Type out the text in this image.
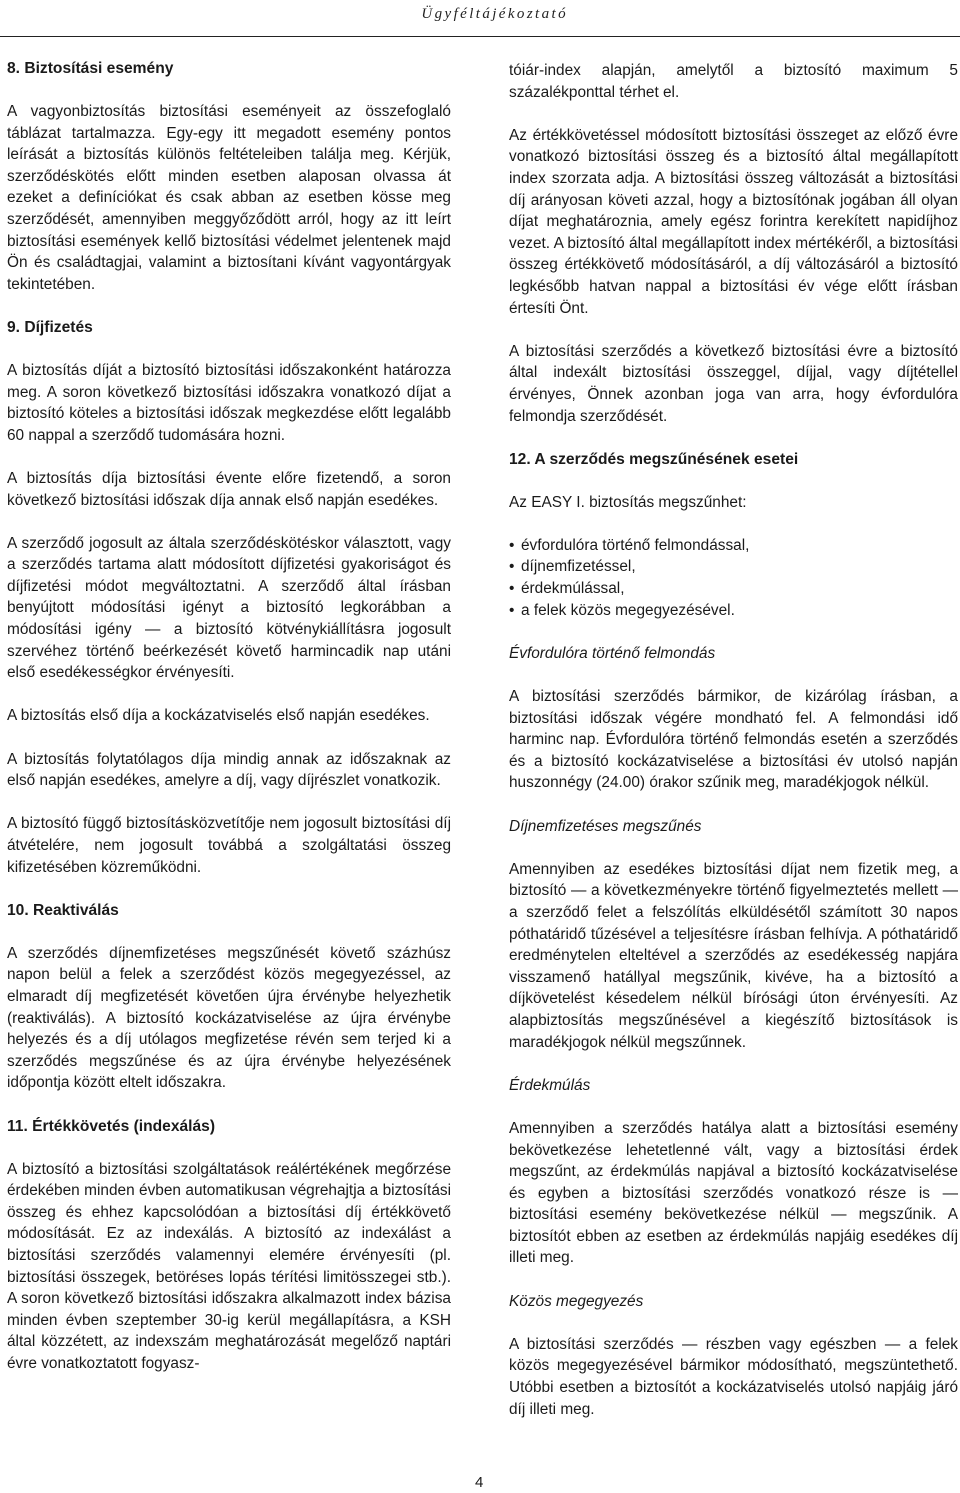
Ügyféltájékoztató
8. Biztosítási esemény

A vagyonbiztosítás biztosítási eseményeit az összefoglaló táblázat tartalmazza. Egy-egy itt megadott esemény pontos leírását a biztosítás különös feltételeiben találja meg. Kérjük, szerződéskötés előtt minden esetben alaposan olvassa át ezeket a definíciókat és csak abban az esetben kösse meg szerződését, amennyiben meggyőződött arról, hogy az itt leírt biztosítási események kellő biztosítási védelmet jelentenek majd Ön és családtagjai, valamint a biztosítani kívánt vagyontárgyak tekintetében.

9. Díjfizetés

A biztosítás díját a biztosító biztosítási időszakonként határozza meg. A soron következő biztosítási időszakra vonatkozó díjat a biztosító köteles a biztosítási időszak megkezdése előtt legalább 60 nappal a szerződő tudomására hozni.

A biztosítás díja biztosítási évente előre fizetendő, a soron következő biztosítási időszak díja annak első napján esedékes.

A szerződő jogosult az általa szerződéskötéskor választott, vagy a szerződés tartama alatt módosított díjfizetési gyakoriságot és díjfizetési módot megváltoztatni. A szerződő által írásban benyújtott módosítási igényt a biztosító legkorábban a módosítási igény — a biztosító kötvénykiállításra jogosult szervéhez történő beérkezését követő harmincadik nap utáni első esedékességkor érvényesíti.

A biztosítás első díja a kockázatviselés első napján esedékes.

A biztosítás folytatólagos díja mindig annak az időszaknak az első napján esedékes, amelyre a díj, vagy díjrészlet vonatkozik.

A biztosító függő biztosításközvetítője nem jogosult biztosítási díj átvételére, nem jogosult továbbá a szolgáltatási összeg kifizetésében közreműködni.

10. Reaktiválás

A szerződés díjnemfizetéses megszűnését követő százhúsz napon belül a felek a szerződést közös megegyezéssel, az elmaradt díj megfizetését követően újra érvénybe helyezhetik (reaktiválás). A biztosító kockázatviselése az újra érvénybe helyezés és a díj utólagos megfizetése révén sem terjed ki a szerződés megszűnése és az újra érvénybe helyezésének időpontja között eltelt időszakra.

11. Értékkövetés (indexálás)

A biztosító a biztosítási szolgáltatások reálértékének megőrzése érdekében minden évben automatikusan végrehajtja a biztosítási összeg és ehhez kapcsolódóan a biztosítási díj értékkövető módosítását. Ez az indexálás. A biztosító az indexálást a biztosítási szerződés valamennyi elemére érvényesíti (pl. biztosítási összegek, betöréses lopás térítési limitösszegei stb.). A soron következő biztosítási időszakra alkalmazott index bázisa minden évben szeptember 30-ig kerül megállapításra, a KSH által közzétett, az indexszám meghatározását megelőző naptári évre vonatkoztatott fogyasz-

tóiár-index alapján, amelytől a biztosító maximum 5 százalékponttal térhet el.

Az értékkövetéssel módosított biztosítási összeget az előző évre vonatkozó biztosítási összeg és a biztosító által megállapított index szorzata adja. A biztosítási összeg változását a biztosítási díj arányosan követi azzal, hogy a biztosítónak jogában áll olyan díjat meghatároznia, amely egész forintra kerekített napidíjhoz vezet. A biztosító által megállapított index mértékéről, a biztosítási összeg értékkövető módosításáról, a díj változásáról a biztosító legkésőbb hatvan nappal a biztosítási év vége előtt írásban értesíti Önt.

A biztosítási szerződés a következő biztosítási évre a biztosító által indexált biztosítási összeggel, díjjal, vagy díjtétellel érvényes, Önnek azonban joga van arra, hogy évfordulóra felmondja szerződését.

12. A szerződés megszűnésének esetei

Az EASY I. biztosítás megszűnhet:

• évfordulóra történő felmondással,
• díjnemfizetéssel,
• érdekmúlással,
• a felek közös megegyezésével.

Évfordulóra történő felmondás

A biztosítási szerződés bármikor, de kizárólag írásban, a biztosítási időszak végére mondható fel. A felmondási idő harminc nap. Évfordulóra történő felmondás esetén a szerződés és a biztosító kockázatviselése a biztosítási év utolsó napján huszonnégy (24.00) órakor szűnik meg, maradékjogok nélkül.

Díjnemfizetéses megszűnés

Amennyiben az esedékes biztosítási díjat nem fizetik meg, a biztosító — a következményekre történő figyelmeztetés mellett — a szerződő felet a felszólítás elküldésétől számított 30 napos póthatáridő tűzésével a teljesítésre írásban felhívja. A póthatáridő eredménytelen elteltével a szerződés az esedékesség napjára visszamenő hatállyal megszűnik, kivéve, ha a biztosító a díjkövetelést késedelem nélkül bírósági úton érvényesíti. Az alapbiztosítás megszűnésével a kiegészítő biztosítások is maradékjogok nélkül megszűnnek.

Érdekmúlás

Amennyiben a szerződés hatálya alatt a biztosítási esemény bekövetkezése lehetetlenné vált, vagy a biztosítási érdek megszűnt, az érdekmúlás napjával a biztosító kockázatviselése és egyben a biztosítási szerződés vonatkozó része is — biztosítási esemény bekövetkezése nélkül — megszűnik. A biztosítót ebben az esetben az érdekmúlás napjáig esedékes díj illeti meg.

Közös megegyezés

A biztosítási szerződés — részben vagy egészben — a felek közös megegyezésével bármikor módosítható, megszüntethető. Utóbbi esetben a biztosítót a kockázatviselés utolsó napjáig járó díj illeti meg.

4
